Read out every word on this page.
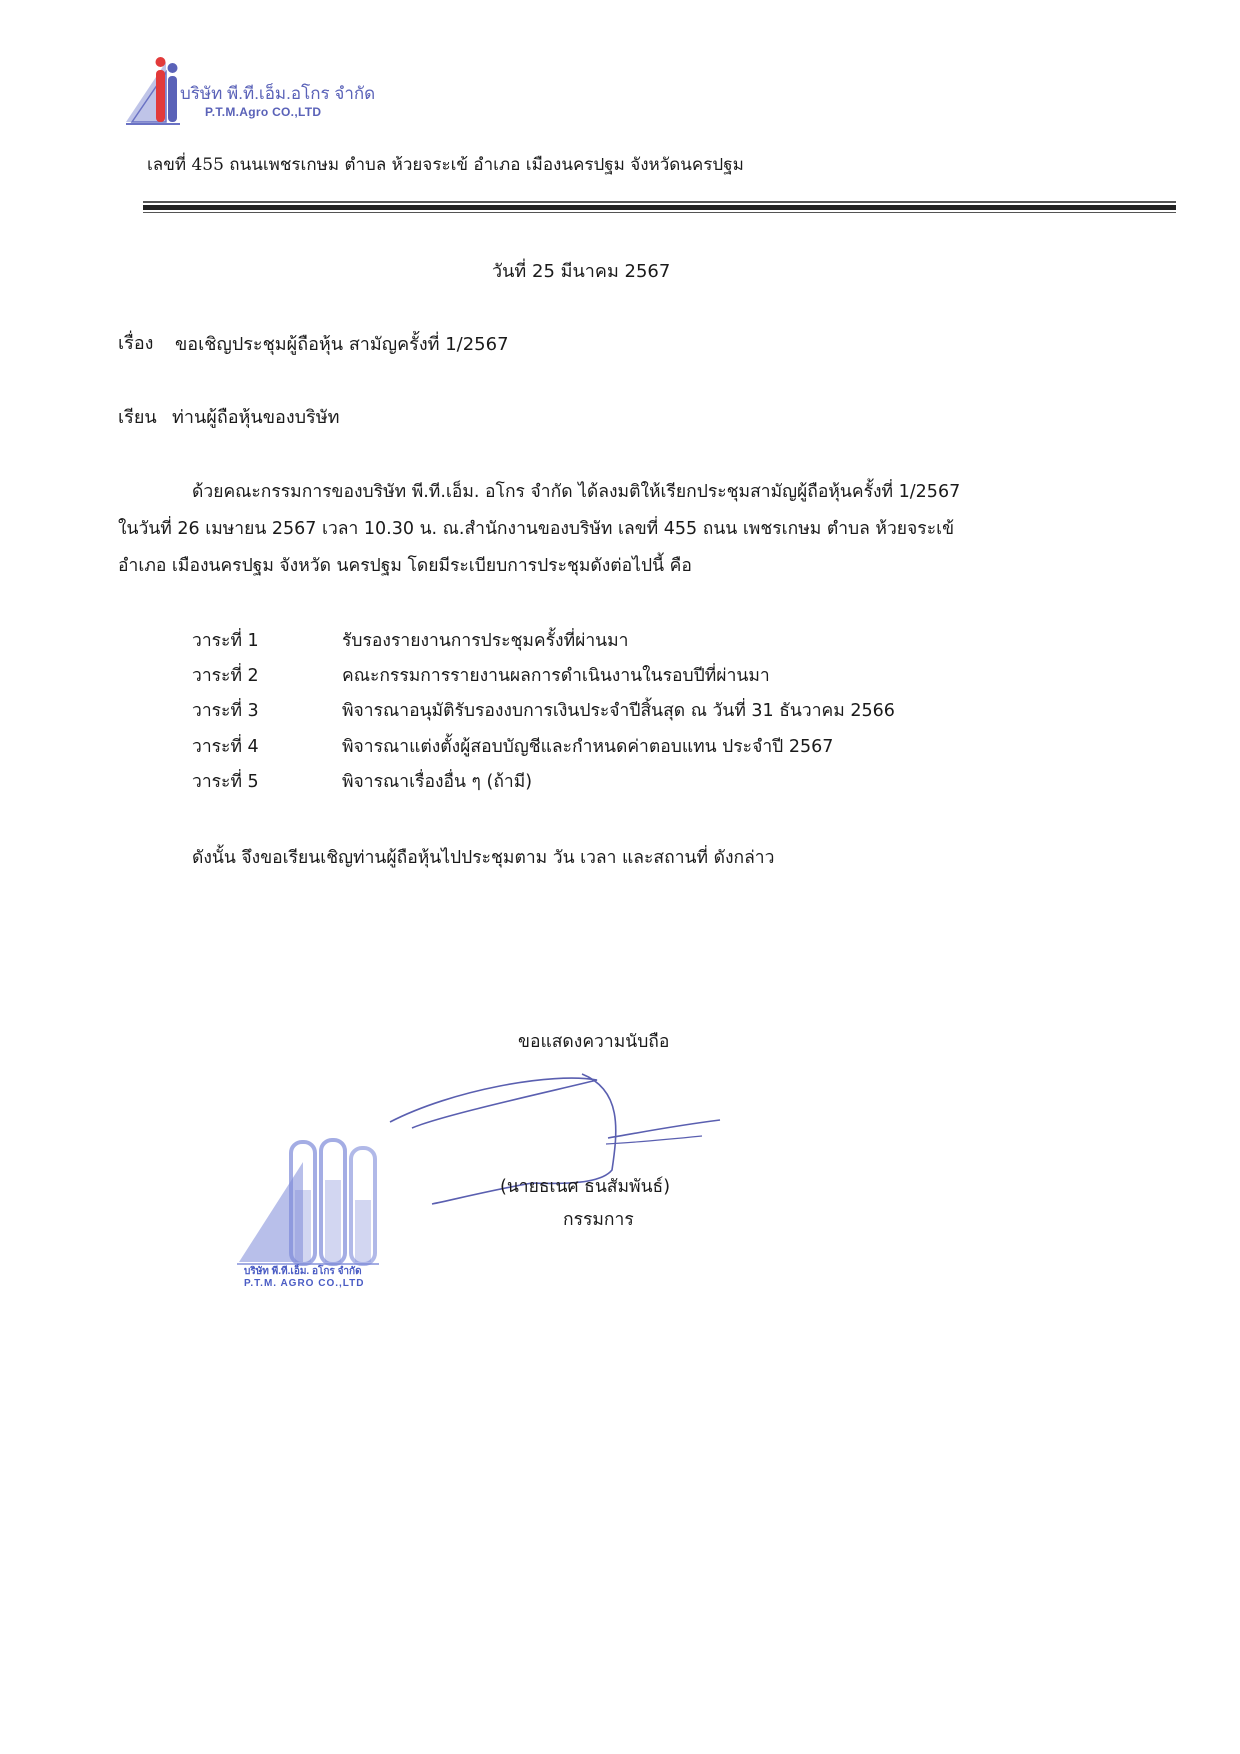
บริษัท พี.ที.เอ็ม.อโกร จำกัด
P.T.M.Agro CO.,LTD
เลขที่ 455 ถนนเพชรเกษม ตำบล ห้วยจระเข้ อำเภอ เมืองนครปฐม จังหวัดนครปฐม
วันที่ 25 มีนาคม 2567
เรื่อง ขอเชิญประชุมผู้ถือหุ้น สามัญครั้งที่ 1/2567
เรียน ท่านผู้ถือหุ้นของบริษัท
ด้วยคณะกรรมการของบริษัท พี.ที.เอ็ม. อโกร จำกัด ได้ลงมติให้เรียกประชุมสามัญผู้ถือหุ้นครั้งที่ 1/2567
ในวันที่ 26 เมษายน 2567 เวลา 10.30 น. ณ.สำนักงานของบริษัท เลขที่ 455 ถนน เพชรเกษม ตำบล ห้วยจระเข้
อำเภอ เมืองนครปฐม จังหวัด นครปฐม โดยมีระเบียบการประชุมดังต่อไปนี้ คือ
วาระที่ 1	รับรองรายงานการประชุมครั้งที่ผ่านมา
วาระที่ 2	คณะกรรมการรายงานผลการดำเนินงานในรอบปีที่ผ่านมา
วาระที่ 3	พิจารณาอนุมัติรับรองงบการเงินประจำปีสิ้นสุด ณ วันที่ 31 ธันวาคม 2566
วาระที่ 4	พิจารณาแต่งตั้งผู้สอบบัญชีและกำหนดค่าตอบแทน ประจำปี 2567
วาระที่ 5	พิจารณาเรื่องอื่น ๆ (ถ้ามี)
ดังนั้น จึงขอเรียนเชิญท่านผู้ถือหุ้นไปประชุมตาม วัน เวลา และสถานที่ ดังกล่าว
ขอแสดงความนับถือ
บริษัท พี.ที.เอ็ม. อโกร จำกัด
P.T.M. AGRO CO.,LTD
(นายธเนศ ธนสัมพันธ์)
กรรมการ
